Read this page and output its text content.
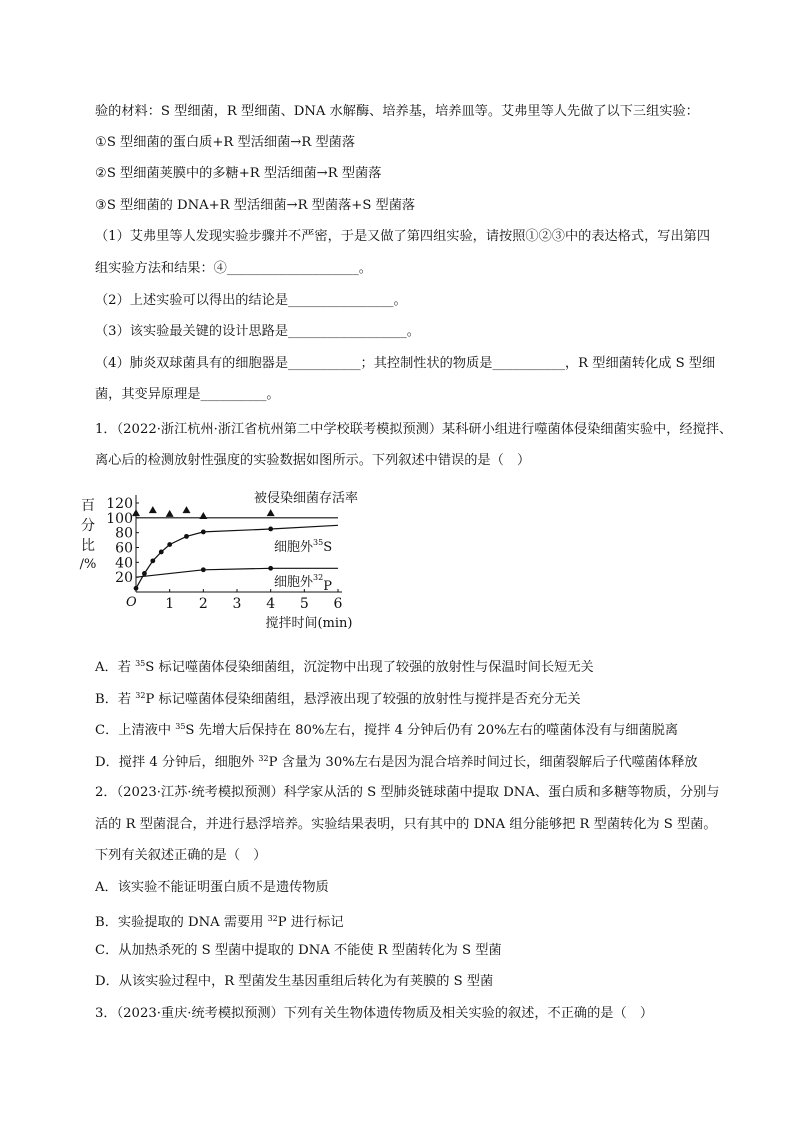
验的材料：S 型细菌，R 型细菌、DNA 水解酶、培养基，培养皿等。艾弗里等人先做了以下三组实验：
①S 型细菌的蛋白质+R 型活细菌→R 型菌落
②S 型细菌荚膜中的多糖+R 型活细菌→R 型菌落
③S 型细菌的 DNA+R 型活细菌→R 型菌落+S 型菌落
（1）艾弗里等人发现实验步骤并不严密，于是又做了第四组实验，请按照①②③中的表达格式，写出第四
组实验方法和结果：④____________________。
（2）上述实验可以得出的结论是________________。
（3）该实验最关键的设计思路是__________________。
（4）肺炎双球菌具有的细胞器是___________；其控制性状的物质是___________，R 型细菌转化成 S 型细
菌，其变异原理是__________。
1．（2022·浙江杭州·浙江省杭州第二中学校联考模拟预测）某科研小组进行噬菌体侵染细菌实验中，经搅拌、
离心后的检测放射性强度的实验数据如图所示。下列叙述中错误的是（　）
20
40
60
80
100
120
1 2 3 4 5 6
百
分
比
/%
O
搅拌时间(min)
被侵染细菌存活率
细胞外$^{35}$S
细胞外$^{32}$P
A．若 $^{35}$S 标记噬菌体侵染细菌组，沉淀物中出现了较强的放射性与保温时间长短无关
B．若 $^{32}$P 标记噬菌体侵染细菌组，悬浮液出现了较强的放射性与搅拌是否充分无关
C．上清液中 $^{35}$S 先增大后保持在 80%左右，搅拌 4 分钟后仍有 20%左右的噬菌体没有与细菌脱离
D．搅拌 4 分钟后，细胞外 $^{32}$P 含量为 30%左右是因为混合培养时间过长，细菌裂解后子代噬菌体释放
2．（2023·江苏·统考模拟预测）科学家从活的 S 型肺炎链球菌中提取 DNA、蛋白质和多糖等物质，分别与
活的 R 型菌混合，并进行悬浮培养。实验结果表明，只有其中的 DNA 组分能够把 R 型菌转化为 S 型菌。
下列有关叙述正确的是（　）
A．该实验不能证明蛋白质不是遗传物质
B．实验提取的 DNA 需要用 $^{32}$P 进行标记
C．从加热杀死的 S 型菌中提取的 DNA 不能使 R 型菌转化为 S 型菌
D．从该实验过程中，R 型菌发生基因重组后转化为有荚膜的 S 型菌
3．（2023·重庆·统考模拟预测）下列有关生物体遗传物质及相关实验的叙述，不正确的是（　）
